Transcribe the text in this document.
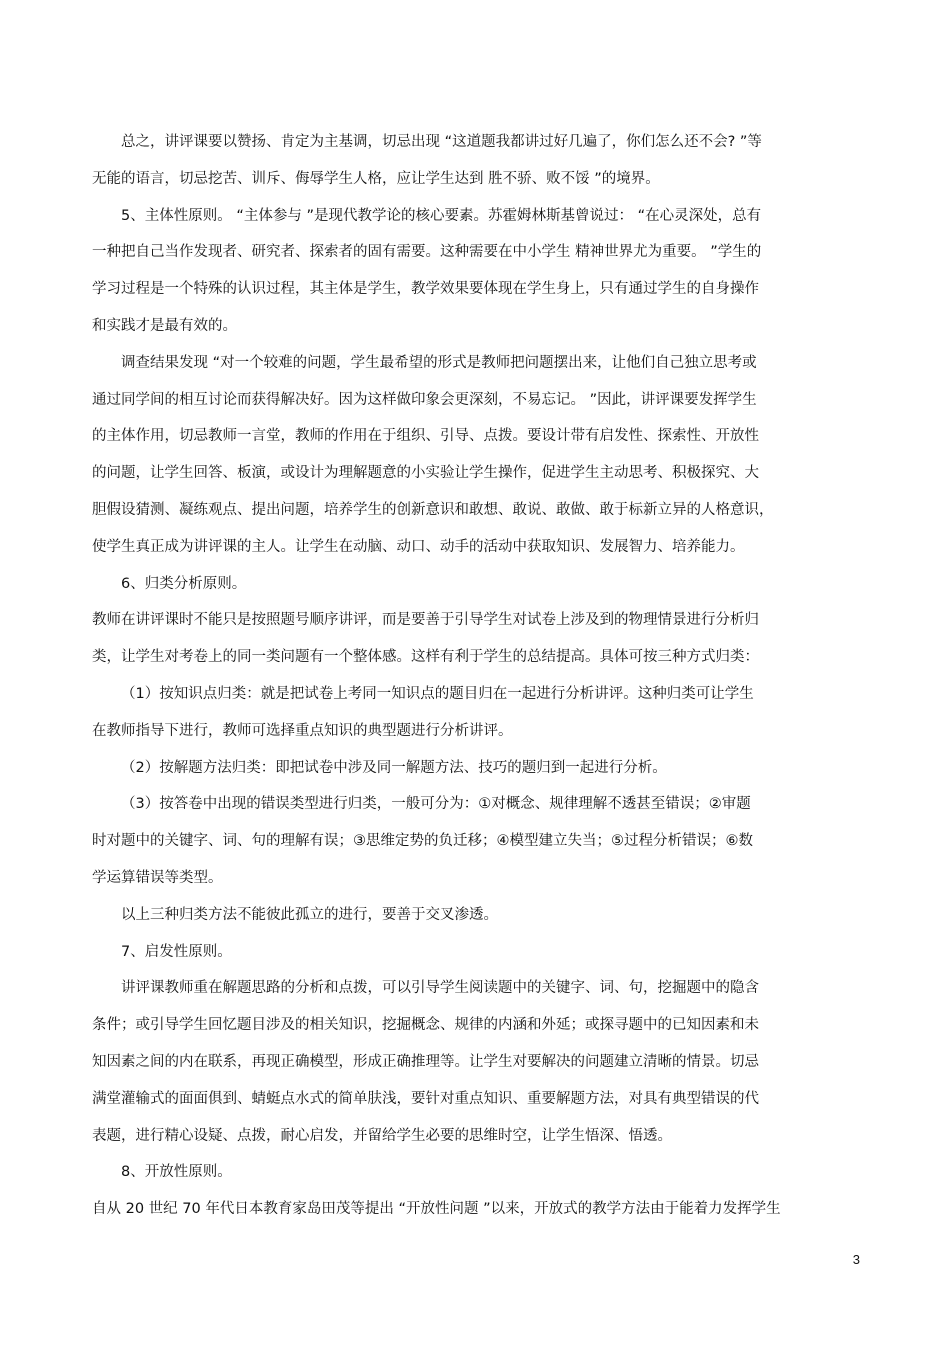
总之，讲评课要以赞扬、肯定为主基调，切忌出现 “这道题我都讲过好几遍了，你们怎么还不会? ”等
无能的语言，切忌挖苦、训斥、侮辱学生人格，应让学生达到 胜不骄、败不馁 ”的境界。

5、主体性原则。 “主体参与 ”是现代教学论的核心要素。苏霍姆林斯基曾说过： “在心灵深处，总有
一种把自己当作发现者、研究者、探索者的固有需要。这种需要在中小学生 精神世界尤为重要。 ”学生的
学习过程是一个特殊的认识过程，其主体是学生，教学效果要体现在学生身上，只有通过学生的自身操作
和实践才是最有效的。

调查结果发现 “对一个较难的问题，学生最希望的形式是教师把问题摆出来，让他们自己独立思考或
通过同学间的相互讨论而获得解决好。因为这样做印象会更深刻，不易忘记。 ”因此，讲评课要发挥学生
的主体作用，切忌教师一言堂，教师的作用在于组织、引导、点拨。要设计带有启发性、探索性、开放性
的问题，让学生回答、板演，或设计为理解题意的小实验让学生操作，促进学生主动思考、积极探究、大
胆假设猜测、凝练观点、提出问题，培养学生的创新意识和敢想、敢说、敢做、敢于标新立异的人格意识，
使学生真正成为讲评课的主人。让学生在动脑、动口、动手的活动中获取知识、发展智力、培养能力。

6、归类分析原则。

教师在讲评课时不能只是按照题号顺序讲评，而是要善于引导学生对试卷上涉及到的物理情景进行分析归
类，让学生对考卷上的同一类问题有一个整体感。这样有利于学生的总结提高。具体可按三种方式归类：

（1）按知识点归类：就是把试卷上考同一知识点的题目归在一起进行分析讲评。这种归类可让学生
在教师指导下进行，教师可选择重点知识的典型题进行分析讲评。

（2）按解题方法归类：即把试卷中涉及同一解题方法、技巧的题归到一起进行分析。

（3）按答卷中出现的错误类型进行归类，一般可分为：①对概念、规律理解不透甚至错误；②审题
时对题中的关键字、词、句的理解有误；③思维定势的负迁移；④模型建立失当；⑤过程分析错误；⑥数
学运算错误等类型。

以上三种归类方法不能彼此孤立的进行，要善于交叉渗透。

7、启发性原则。

讲评课教师重在解题思路的分析和点拨，可以引导学生阅读题中的关键字、词、句，挖掘题中的隐含
条件；或引导学生回忆题目涉及的相关知识，挖掘概念、规律的内涵和外延；或探寻题中的已知因素和未
知因素之间的内在联系，再现正确模型，形成正确推理等。让学生对要解决的问题建立清晰的情景。切忌
满堂灌输式的面面俱到、蜻蜓点水式的简单肤浅，要针对重点知识、重要解题方法，对具有典型错误的代
表题，进行精心设疑、点拨，耐心启发，并留给学生必要的思维时空，让学生悟深、悟透。

8、开放性原则。

自从 20 世纪 70 年代日本教育家岛田茂等提出 “开放性问题 ”以来，开放式的教学方法由于能着力发挥学生

3
